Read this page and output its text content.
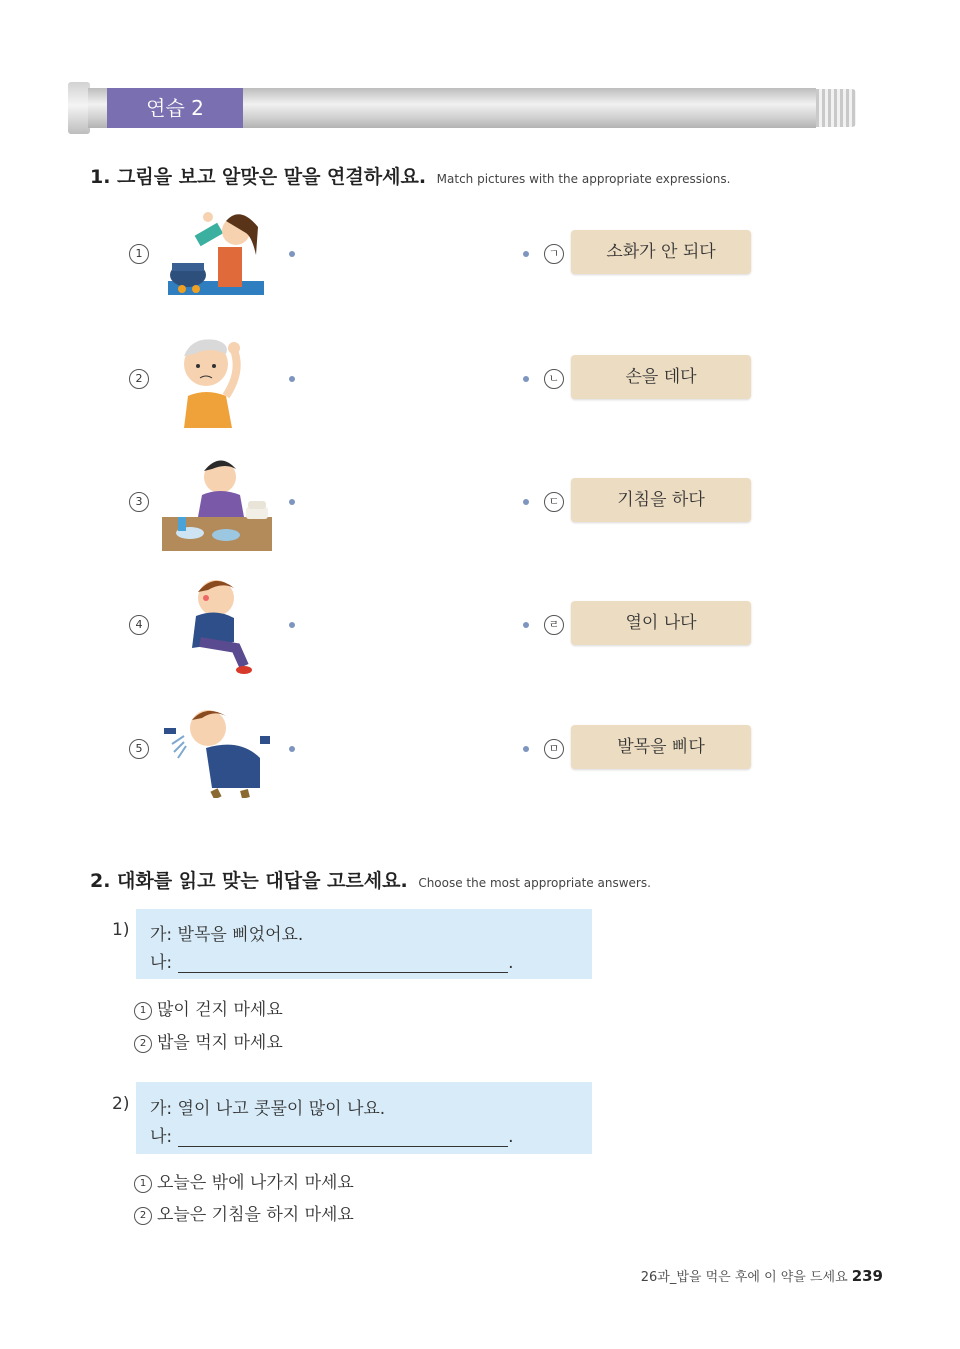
연습 2
1. 그림을 보고 알맞은 말을 연결하세요. Match pictures with the appropriate expressions.
1	ㄱ	소화가 안 되다
2	ㄴ	손을 데다
3	ㄷ	기침을 하다
4	ㄹ	열이 나다
5	ㅁ	발목을 삐다
2. 대화를 읽고 맞는 대답을 고르세요. Choose the most appropriate answers.
1) 가: 발목을 삐었어요.
나:	.
1 많이 걷지 마세요
2 밥을 먹지 마세요
2) 가: 열이 나고 콧물이 많이 나요.
나:	.
1 오늘은 밖에 나가지 마세요
2 오늘은 기침을 하지 마세요
26과_밥을 먹은 후에 이 약을 드세요 239
